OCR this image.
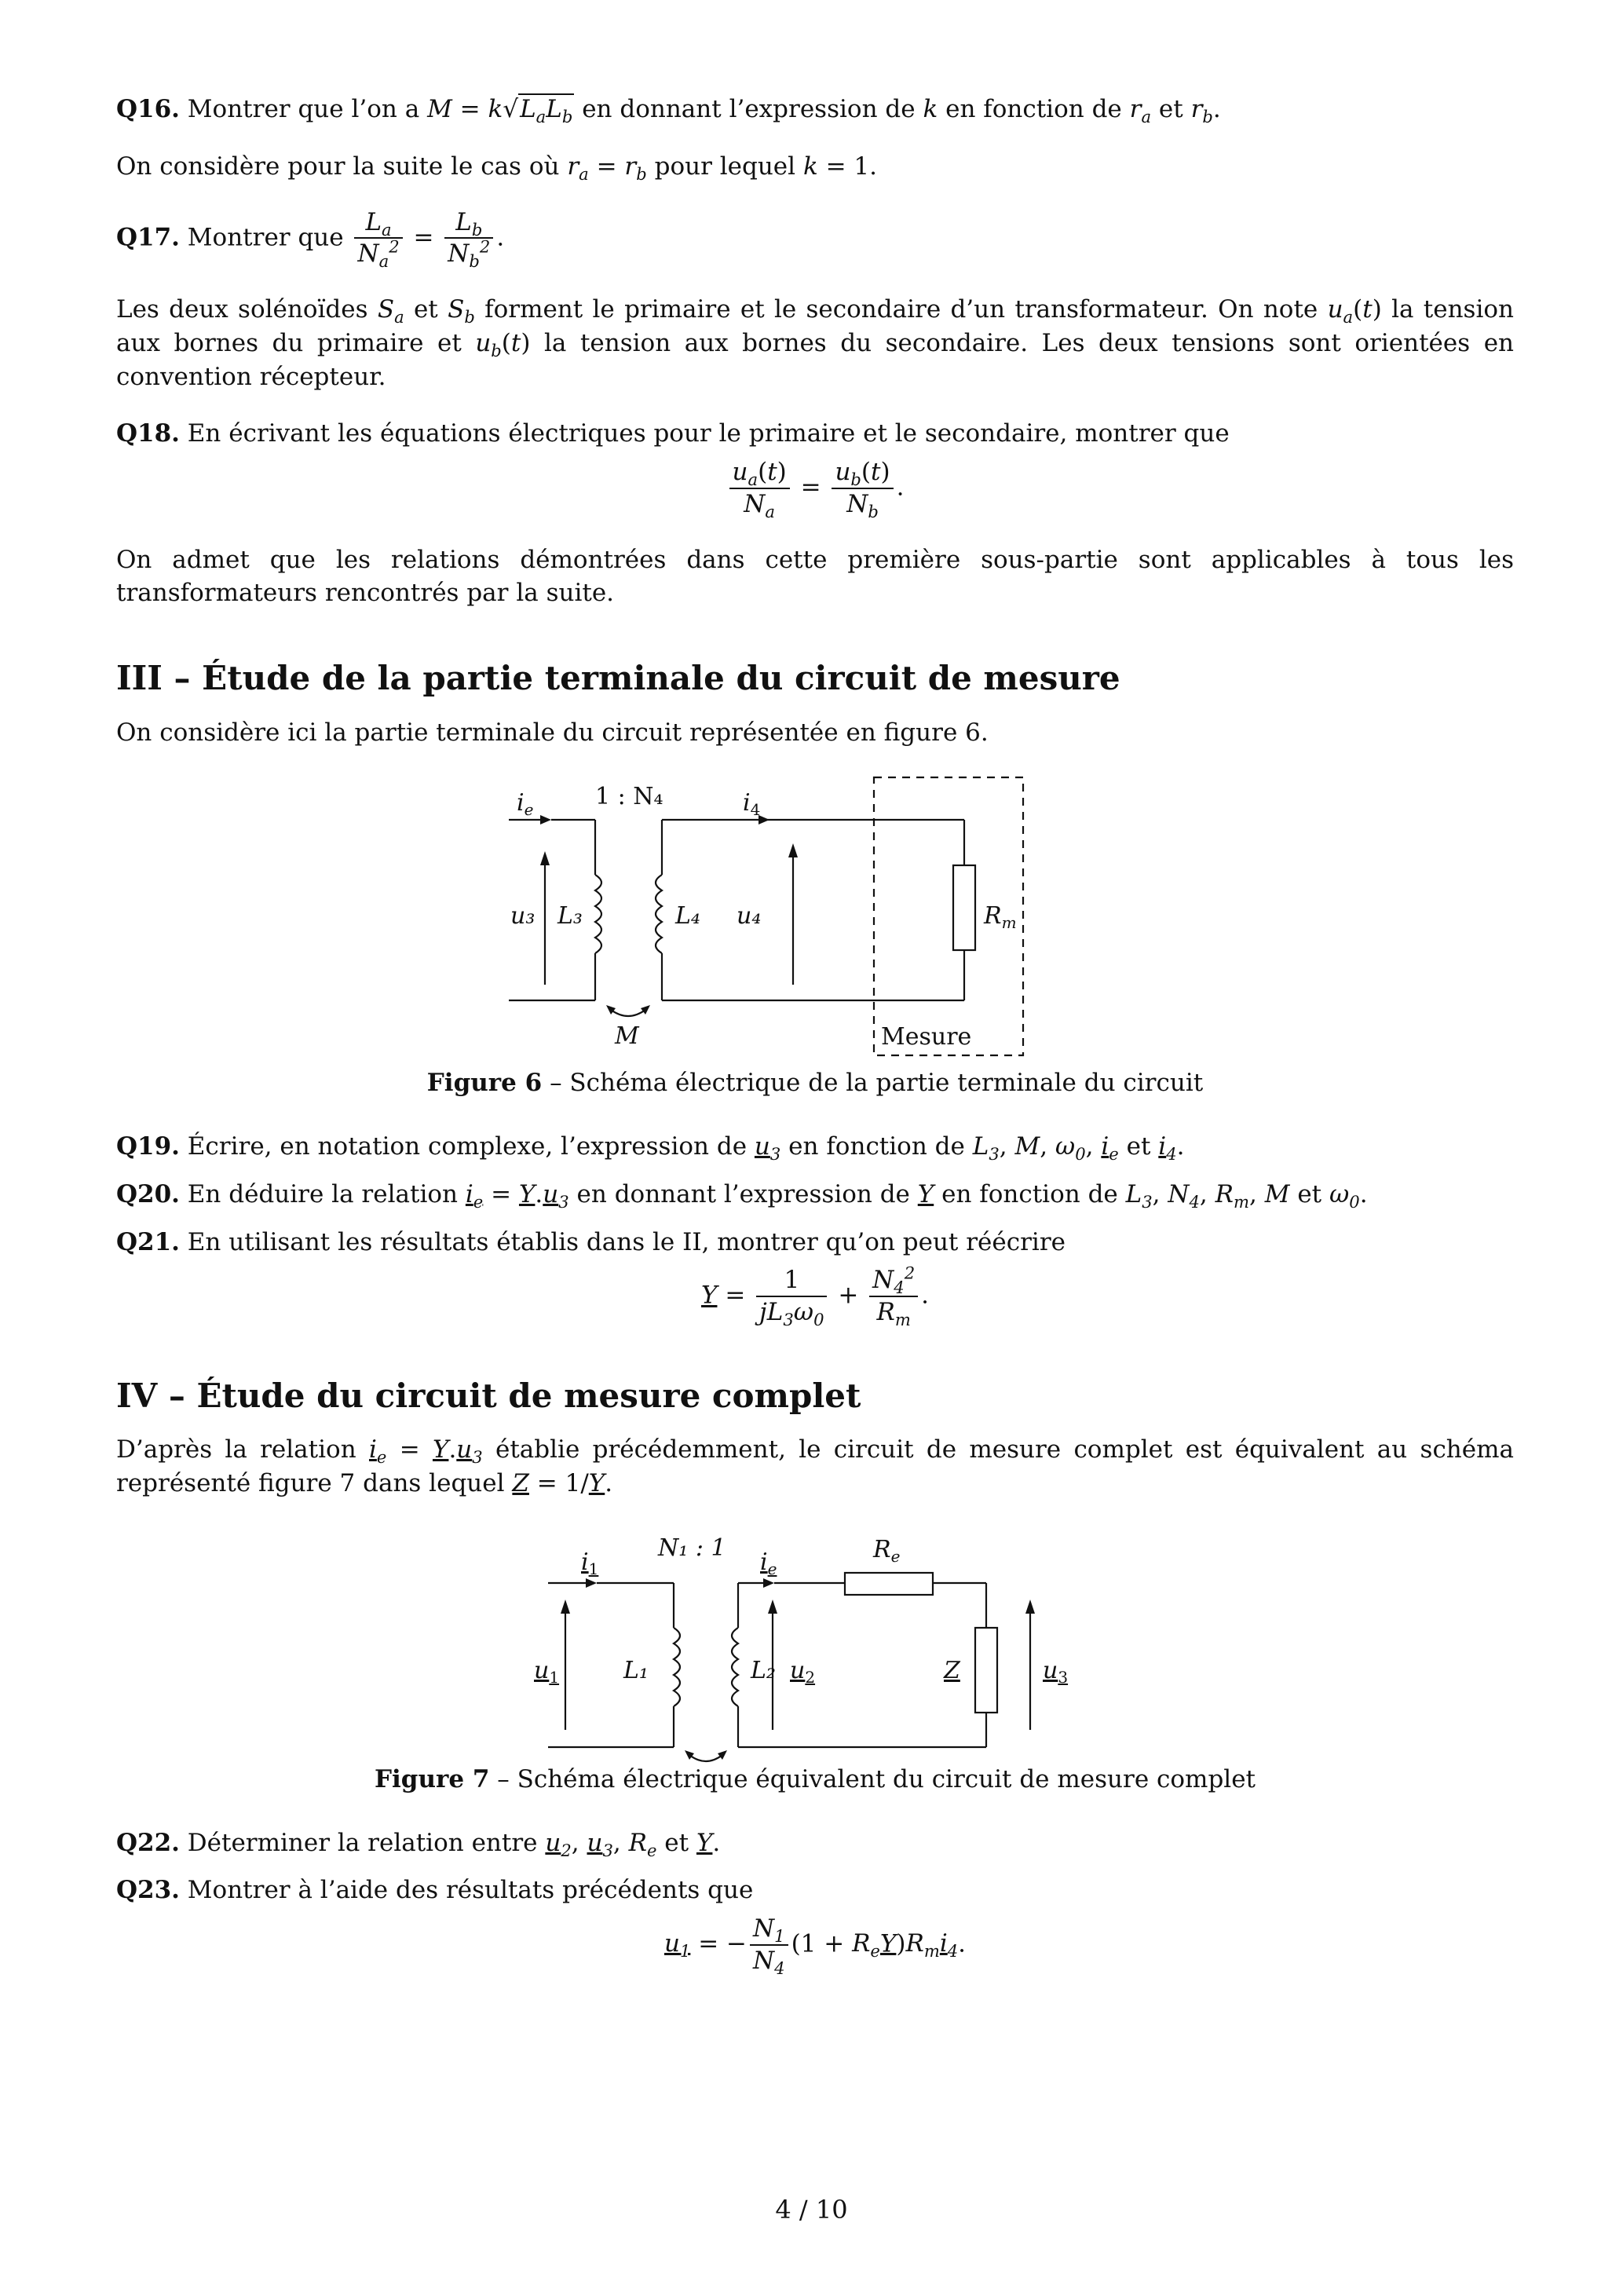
Q16. Montrer que l’on a $M = k√L_aL_b$ en donnant l’expression de k en fonction de $r_a$ et $r_b$.

On considère pour la suite le cas où $r_a = r_b$ pour lequel k = 1.

Q17. Montrer que $\frac{L_a}{N_a^2} = \frac{L_b}{N_b^2}$ .

Les deux solénoïdes $S_a$ et $S_b$ forment le primaire et le secondaire d’un transformateur. On note $u_a(t)$ la tension aux bornes du primaire et $u_b(t)$ la tension aux bornes du secondaire. Les deux tensions sont orientées en convention récepteur.

Q18. En écrivant les équations électriques pour le primaire et le secondaire, montrer que

$\frac{u_a(t)}{N_a} = \frac{u_b(t)}{N_b}$ .

On admet que les relations démontrées dans cette première sous-partie sont applicables à tous les transformateurs rencontrés par la suite.

III – Étude de la partie terminale du circuit de mesure

On considère ici la partie terminale du circuit représentée en figure 6.

$i_e$	1 : N₄	$i_4$
u₃ L₃	L₄ u₄	$R_m$
M	Mesure

Figure 6 – Schéma électrique de la partie terminale du circuit

Q19. Écrire, en notation complexe, l’expression de $u_3$ en fonction de $L_3$, M, $\omega_0$, $i_e$ et $i_4$.

Q20. En déduire la relation $i_e = Y.u_3$ en donnant l’expression de Y en fonction de $L_3$, $N_4$, $R_m$, M et $\omega_0$.

Q21. En utilisant les résultats établis dans le II, montrer qu’on peut réécrire

$Y = \frac{1}{jL_3\omega_0} + \frac{N_4^2}{R_m}$ .
IV – Étude du circuit de mesure complet

D’après la relation $i_e = Y.u_3$ établie précédemment, le circuit de mesure complet est équivalent au schéma représenté figure 7 dans lequel Z = 1/Y.

$i_1$
N₁ : 1
$i_e$
$R_e$
$u_1$	L₁	L₂ $u_2$	Z	$u_3$

Figure 7 – Schéma électrique équivalent du circuit de mesure complet

Q22. Déterminer la relation entre $u_2$, $u_3$, $R_e$ et Y.

Q23. Montrer à l’aide des résultats précédents que

$u_1$ = − $\frac{N_1}{N_4} (1 + R_eY)R_mi_4$.
4 / 10
